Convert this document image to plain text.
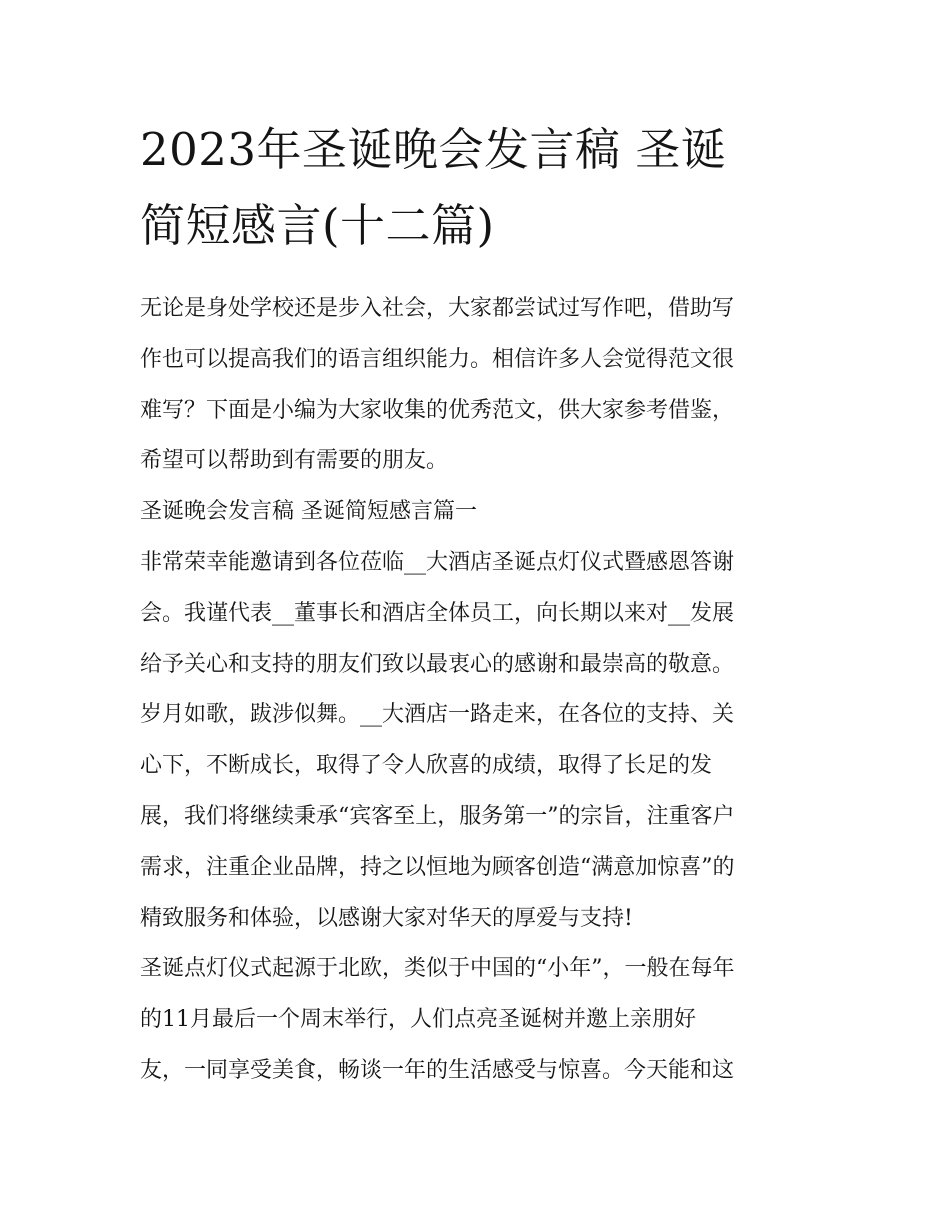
2023年圣诞晚会发言稿 圣诞
简短感言(十二篇)

无论是身处学校还是步入社会，大家都尝试过写作吧，借助写
作也可以提高我们的语言组织能力。相信许多人会觉得范文很
难写？下面是小编为大家收集的优秀范文，供大家参考借鉴，
希望可以帮助到有需要的朋友。

圣诞晚会发言稿 圣诞简短感言篇一

非常荣幸能邀请到各位莅临__大酒店圣诞点灯仪式暨感恩答谢
会。我谨代表__董事长和酒店全体员工，向长期以来对__发展
给予关心和支持的朋友们致以最衷心的感谢和最崇高的敬意。

岁月如歌，跋涉似舞。__大酒店一路走来，在各位的支持、关
心下，不断成长，取得了令人欣喜的成绩，取得了长足的发
展，我们将继续秉承“宾客至上，服务第一”的宗旨，注重客户
需求，注重企业品牌，持之以恒地为顾客创造“满意加惊喜”的
精致服务和体验，以感谢大家对华天的厚爱与支持!

圣诞点灯仪式起源于北欧，类似于中国的“小年”，一般在每年
的11月最后一个周末举行，人们点亮圣诞树并邀上亲朋好
友，一同享受美食，畅谈一年的生活感受与惊喜。今天能和这
